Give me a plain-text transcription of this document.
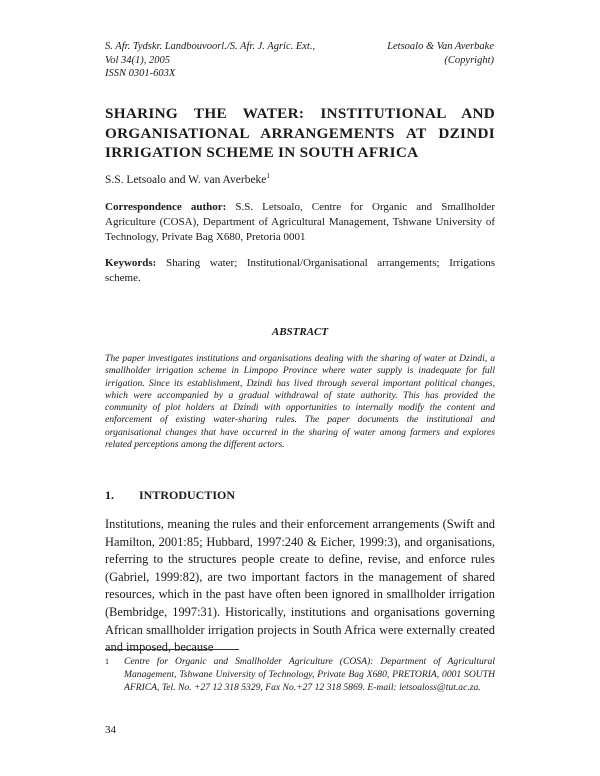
S. Afr. Tydskr. Landbouvoorl./S. Afr. J. Agric. Ext.,
Vol 34(1), 2005
ISSN 0301-603X
Letsoalo & Van Averbake
(Copyright)
SHARING THE WATER: INSTITUTIONAL AND ORGANISATIONAL ARRANGEMENTS AT DZINDI IRRIGATION SCHEME IN SOUTH AFRICA
S.S. Letsoalo and W. van Averbeke$^1$
Correspondence author: S.S. Letsoalo, Centre for Organic and Smallholder Agriculture (COSA), Department of Agricultural Management, Tshwane University of Technology, Private Bag X680, Pretoria 0001
Keywords: Sharing water; Institutional/Organisational arrangements; Irrigations scheme.
ABSTRACT
The paper investigates institutions and organisations dealing with the sharing of water at Dzindi, a smallholder irrigation scheme in Limpopo Province where water supply is inadequate for full irrigation. Since its establishment, Dzindi has lived through several important political changes, which were accompanied by a gradual withdrawal of state authority. This has provided the community of plot holders at Dzindi with opportunities to internally modify the content and enforcement of existing water-sharing rules. The paper documents the institutional and organisational changes that have occurred in the sharing of water among farmers and explores related perceptions among the different actors.
1. INTRODUCTION
Institutions, meaning the rules and their enforcement arrangements (Swift and Hamilton, 2001:85; Hubbard, 1997:240 & Eicher, 1999:3), and organisations, referring to the structures people create to define, revise, and enforce rules (Gabriel, 1999:82), are two important factors in the management of shared resources, which in the past have often been ignored in smallholder irrigation (Bembridge, 1997:31). Historically, institutions and organisations governing African smallholder irrigation projects in South Africa were externally created and imposed, because
1 Centre for Organic and Smallholder Agriculture (COSA): Department of Agricultural Management, Tshwane University of Technology, Private Bag X680, PRETORIA, 0001 SOUTH AFRICA, Tel. No. +27 12 318 5329, Fax No.+27 12 318 5869. E-mail: letsoaloss@tut.ac.za.
34
